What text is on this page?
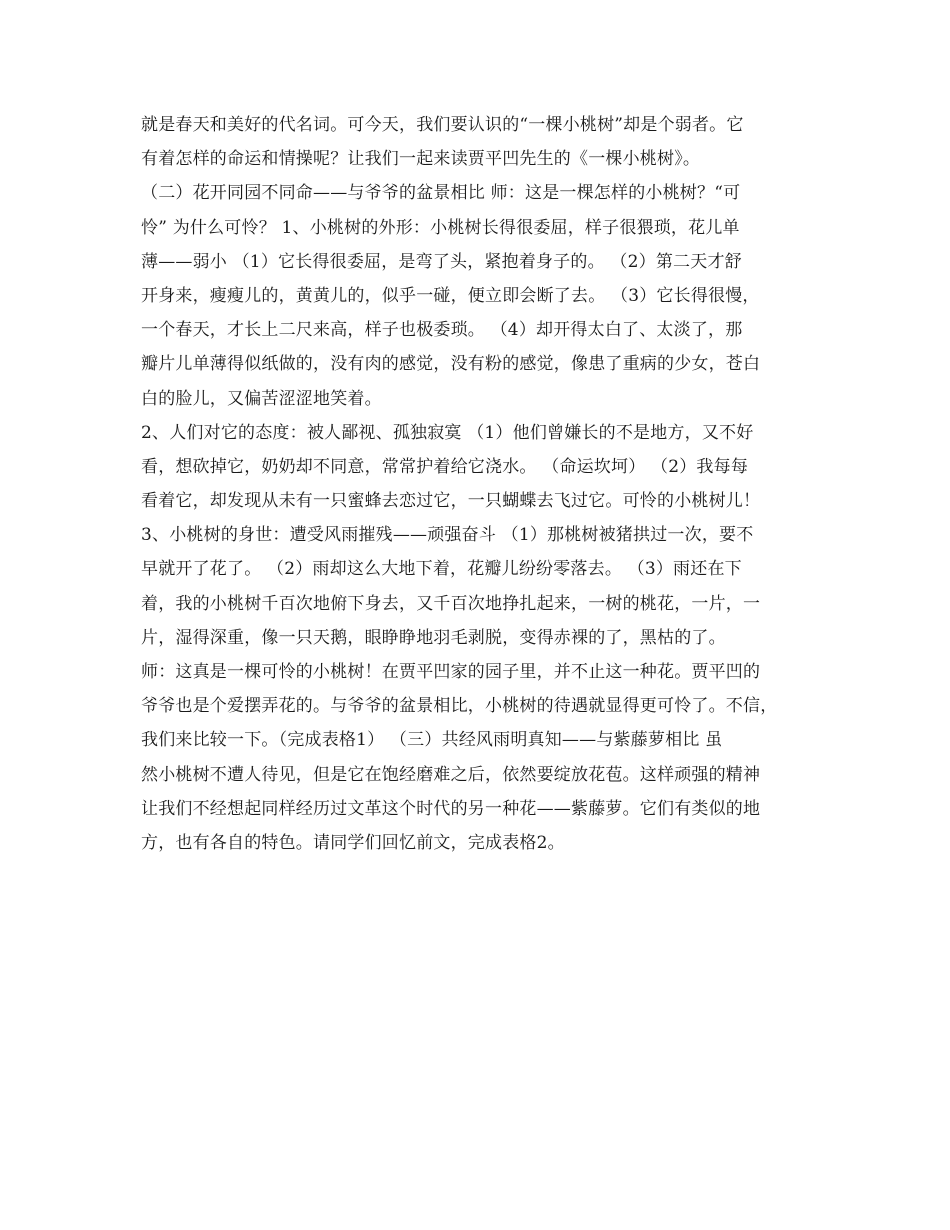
就是春天和美好的代名词。可今天，我们要认识的“一棵小桃树”却是个弱者。它
有着怎样的命运和情操呢？让我们一起来读贾平凹先生的《一棵小桃树》。
（二）花开同园不同命——与爷爷的盆景相比 师：这是一棵怎样的小桃树？“可
怜” 为什么可怜？ 1、小桃树的外形：小桃树长得很委屈，样子很猥琐，花儿单
薄——弱小 （1）它长得很委屈，是弯了头，紧抱着身子的。 （2）第二天才舒
开身来，瘦瘦儿的，黄黄儿的，似乎一碰，便立即会断了去。 （3）它长得很慢，
一个春天，才长上二尺来高，样子也极委琐。 （4）却开得太白了、太淡了，那
瓣片儿单薄得似纸做的，没有肉的感觉，没有粉的感觉，像患了重病的少女，苍白
白的脸儿，又偏苦涩涩地笑着。
2、人们对它的态度：被人鄙视、孤独寂寞 （1）他们曾嫌长的不是地方，又不好
看，想砍掉它，奶奶却不同意，常常护着给它浇水。 （命运坎坷） （2）我每每
看着它，却发现从未有一只蜜蜂去恋过它，一只蝴蝶去飞过它。可怜的小桃树儿！
3、小桃树的身世：遭受风雨摧残——顽强奋斗 （1）那桃树被猪拱过一次，要不
早就开了花了。 （2）雨却这么大地下着，花瓣儿纷纷零落去。 （3）雨还在下
着，我的小桃树千百次地俯下身去，又千百次地挣扎起来，一树的桃花，一片，一
片，湿得深重，像一只天鹅，眼睁睁地羽毛剥脱，变得赤裸的了，黑枯的了。
师：这真是一棵可怜的小桃树！在贾平凹家的园子里，并不止这一种花。贾平凹的
爷爷也是个爱摆弄花的。与爷爷的盆景相比，小桃树的待遇就显得更可怜了。不信，
我们来比较一下。（完成表格1） （三）共经风雨明真知——与紫藤萝相比 虽
然小桃树不遭人待见，但是它在饱经磨难之后，依然要绽放花苞。这样顽强的精神
让我们不经想起同样经历过文革这个时代的另一种花——紫藤萝。它们有类似的地
方，也有各自的特色。请同学们回忆前文，完成表格2。
